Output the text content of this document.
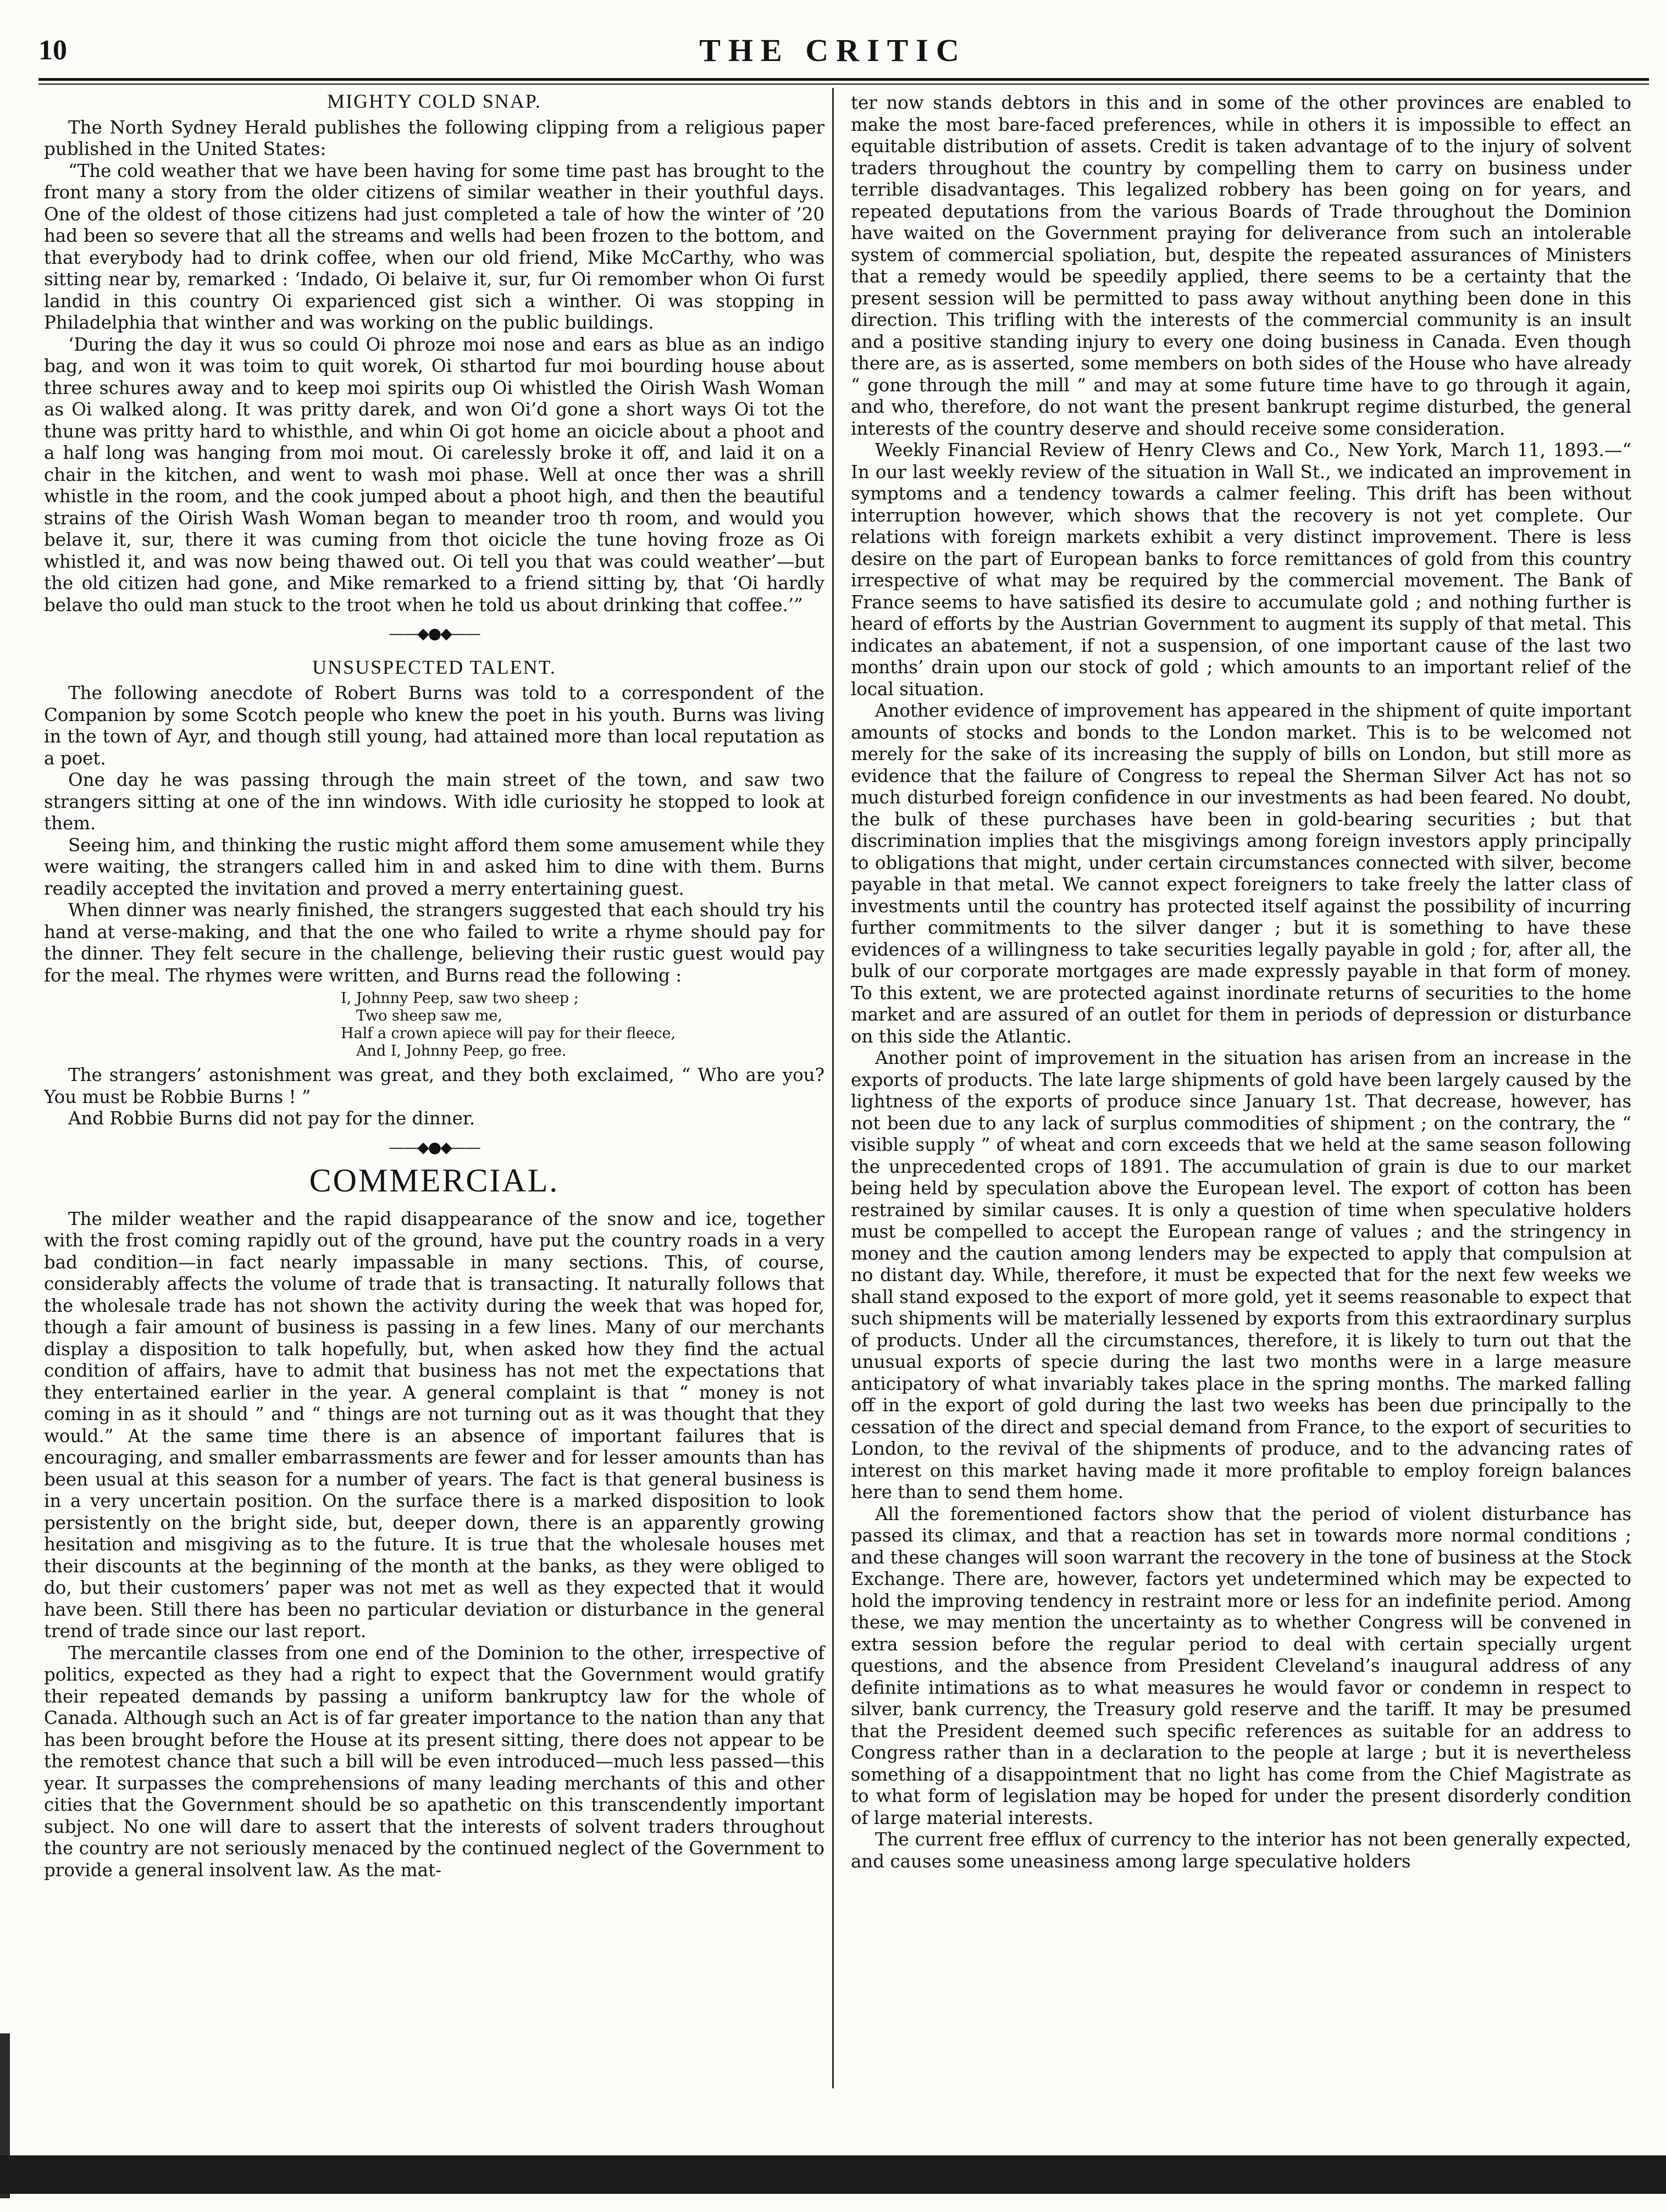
10	THE CRITIC
MIGHTY COLD SNAP.

The North Sydney Herald publishes the following clipping from a religious paper published in the United States:

“The cold weather that we have been having for some time past has brought to the front many a story from the older citizens of similar weather in their youthful days. One of the oldest of those citizens had just completed a tale of how the winter of ’20 had been so severe that all the streams and wells had been frozen to the bottom, and that everybody had to drink coffee, when our old friend, Mike McCarthy, who was sitting near by, remarked : ‘Indado, Oi belaive it, sur, fur Oi remomber whon Oi furst landid in this country Oi exparienced gist sich a winther. Oi was stopping in Philadelphia that winther and was working on the public buildings.

‘During the day it wus so could Oi phroze moi nose and ears as blue as an indigo bag, and won it was toim to quit worek, Oi sthartod fur moi bourding house about three schures away and to keep moi spirits oup Oi whistled the Oirish Wash Woman as Oi walked along. It was pritty darek, and won Oi’d gone a short ways Oi tot the thune was pritty hard to whisthle, and whin Oi got home an oicicle about a phoot and a half long was hanging from moi mout. Oi carelessly broke it off, and laid it on a chair in the kitchen, and went to wash moi phase. Well at once ther was a shrill whistle in the room, and the cook jumped about a phoot high, and then the beautiful strains of the Oirish Wash Woman began to meander troo th room, and would you belave it, sur, there it was cuming from thot oicicle the tune hoving froze as Oi whistled it, and was now being thawed out. Oi tell you that was could weather’—but the old citizen had gone, and Mike remarked to a friend sitting by, that ‘Oi hardly belave tho ould man stuck to the troot when he told us about drinking that coffee.’”

——◆●◆——
UNSUSPECTED TALENT.

The following anecdote of Robert Burns was told to a correspondent of the Companion by some Scotch people who knew the poet in his youth. Burns was living in the town of Ayr, and though still young, had attained more than local reputation as a poet.

One day he was passing through the main street of the town, and saw two strangers sitting at one of the inn windows. With idle curiosity he stopped to look at them.

Seeing him, and thinking the rustic might afford them some amusement while they were waiting, the strangers called him in and asked him to dine with them. Burns readily accepted the invitation and proved a merry entertaining guest.

When dinner was nearly finished, the strangers suggested that each should try his hand at verse-making, and that the one who failed to write a rhyme should pay for the dinner. They felt secure in the challenge, believing their rustic guest would pay for the meal. The rhymes were written, and Burns read the following :

I, Johnny Peep, saw two sheep ;
Two sheep saw me,
Half a crown apiece will pay for their fleece,
And I, Johnny Peep, go free.

The strangers’ astonishment was great, and they both exclaimed, “ Who are you? You must be Robbie Burns ! ”

And Robbie Burns did not pay for the dinner.

——◆●◆——
COMMERCIAL.

The milder weather and the rapid disappearance of the snow and ice, together with the frost coming rapidly out of the ground, have put the country roads in a very bad condition—in fact nearly impassable in many sections. This, of course, considerably affects the volume of trade that is transacting. It naturally follows that the wholesale trade has not shown the activity during the week that was hoped for, though a fair amount of business is passing in a few lines. Many of our merchants display a disposition to talk hopefully, but, when asked how they find the actual condition of affairs, have to admit that business has not met the expectations that they entertained earlier in the year. A general complaint is that “ money is not coming in as it should ” and “ things are not turning out as it was thought that they would.” At the same time there is an absence of important failures that is encouraging, and smaller embarrassments are fewer and for lesser amounts than has been usual at this season for a number of years. The fact is that general business is in a very uncertain position. On the surface there is a marked disposition to look persistently on the bright side, but, deeper down, there is an apparently growing hesitation and misgiving as to the future. It is true that the wholesale houses met their discounts at the beginning of the month at the banks, as they were obliged to do, but their customers’ paper was not met as well as they expected that it would have been. Still there has been no particular deviation or disturbance in the general trend of trade since our last report.

The mercantile classes from one end of the Dominion to the other, irrespective of politics, expected as they had a right to expect that the Government would gratify their repeated demands by passing a uniform bankruptcy law for the whole of Canada. Although such an Act is of far greater importance to the nation than any that has been brought before the House at its present sitting, there does not appear to be the remotest chance that such a bill will be even introduced—much less passed—this year. It surpasses the comprehensions of many leading merchants of this and other cities that the Government should be so apathetic on this transcendently important subject. No one will dare to assert that the interests of solvent traders throughout the country are not seriously menaced by the continued neglect of the Government to provide a general insolvent law. As the mat-

ter now stands debtors in this and in some of the other provinces are enabled to make the most bare-faced preferences, while in others it is impossible to effect an equitable distribution of assets. Credit is taken advantage of to the injury of solvent traders throughout the country by compelling them to carry on business under terrible disadvantages. This legalized robbery has been going on for years, and repeated deputations from the various Boards of Trade throughout the Dominion have waited on the Government praying for deliverance from such an intolerable system of commercial spoliation, but, despite the repeated assurances of Ministers that a remedy would be speedily applied, there seems to be a certainty that the present session will be permitted to pass away without anything been done in this direction. This trifling with the interests of the commercial community is an insult and a positive standing injury to every one doing business in Canada. Even though there are, as is asserted, some members on both sides of the House who have already “ gone through the mill ” and may at some future time have to go through it again, and who, therefore, do not want the present bankrupt regime disturbed, the general interests of the country deserve and should receive some consideration.

Weekly Financial Review of Henry Clews and Co., New York, March 11, 1893.—“ In our last weekly review of the situation in Wall St., we indicated an improvement in symptoms and a tendency towards a calmer feeling. This drift has been without interruption however, which shows that the recovery is not yet complete. Our relations with foreign markets exhibit a very distinct improvement. There is less desire on the part of European banks to force remittances of gold from this country irrespective of what may be required by the commercial movement. The Bank of France seems to have satisfied its desire to accumulate gold ; and nothing further is heard of efforts by the Austrian Government to augment its supply of that metal. This indicates an abatement, if not a suspension, of one important cause of the last two months’ drain upon our stock of gold ; which amounts to an important relief of the local situation.

Another evidence of improvement has appeared in the shipment of quite important amounts of stocks and bonds to the London market. This is to be welcomed not merely for the sake of its increasing the supply of bills on London, but still more as evidence that the failure of Congress to repeal the Sherman Silver Act has not so much disturbed foreign confidence in our investments as had been feared. No doubt, the bulk of these purchases have been in gold-bearing securities ; but that discrimination implies that the misgivings among foreign investors apply principally to obligations that might, under certain circumstances connected with silver, become payable in that metal. We cannot expect foreigners to take freely the latter class of investments until the country has protected itself against the possibility of incurring further commitments to the silver danger ; but it is something to have these evidences of a willingness to take securities legally payable in gold ; for, after all, the bulk of our corporate mortgages are made expressly payable in that form of money. To this extent, we are protected against inordinate returns of securities to the home market and are assured of an outlet for them in periods of depression or disturbance on this side the Atlantic.

Another point of improvement in the situation has arisen from an increase in the exports of products. The late large shipments of gold have been largely caused by the lightness of the exports of produce since January 1st. That decrease, however, has not been due to any lack of surplus commodities of shipment ; on the contrary, the “ visible supply ” of wheat and corn exceeds that we held at the same season following the unprecedented crops of 1891. The accumulation of grain is due to our market being held by speculation above the European level. The export of cotton has been restrained by similar causes. It is only a question of time when speculative holders must be compelled to accept the European range of values ; and the stringency in money and the caution among lenders may be expected to apply that compulsion at no distant day. While, therefore, it must be expected that for the next few weeks we shall stand exposed to the export of more gold, yet it seems reasonable to expect that such shipments will be materially lessened by exports from this extraordinary surplus of products. Under all the circumstances, therefore, it is likely to turn out that the unusual exports of specie during the last two months were in a large measure anticipatory of what invariably takes place in the spring months. The marked falling off in the export of gold during the last two weeks has been due principally to the cessation of the direct and special demand from France, to the export of securities to London, to the revival of the shipments of produce, and to the advancing rates of interest on this market having made it more profitable to employ foreign balances here than to send them home.

All the forementioned factors show that the period of violent disturbance has passed its climax, and that a reaction has set in towards more normal conditions ; and these changes will soon warrant the recovery in the tone of business at the Stock Exchange. There are, however, factors yet undetermined which may be expected to hold the improving tendency in restraint more or less for an indefinite period. Among these, we may mention the uncertainty as to whether Congress will be convened in extra session before the regular period to deal with certain specially urgent questions, and the absence from President Cleveland’s inaugural address of any definite intimations as to what measures he would favor or condemn in respect to silver, bank currency, the Treasury gold reserve and the tariff. It may be presumed that the President deemed such specific references as suitable for an address to Congress rather than in a declaration to the people at large ; but it is nevertheless something of a disappointment that no light has come from the Chief Magistrate as to what form of legislation may be hoped for under the present disorderly condition of large material interests.

The current free efflux of currency to the interior has not been generally expected, and causes some uneasiness among large speculative holders
